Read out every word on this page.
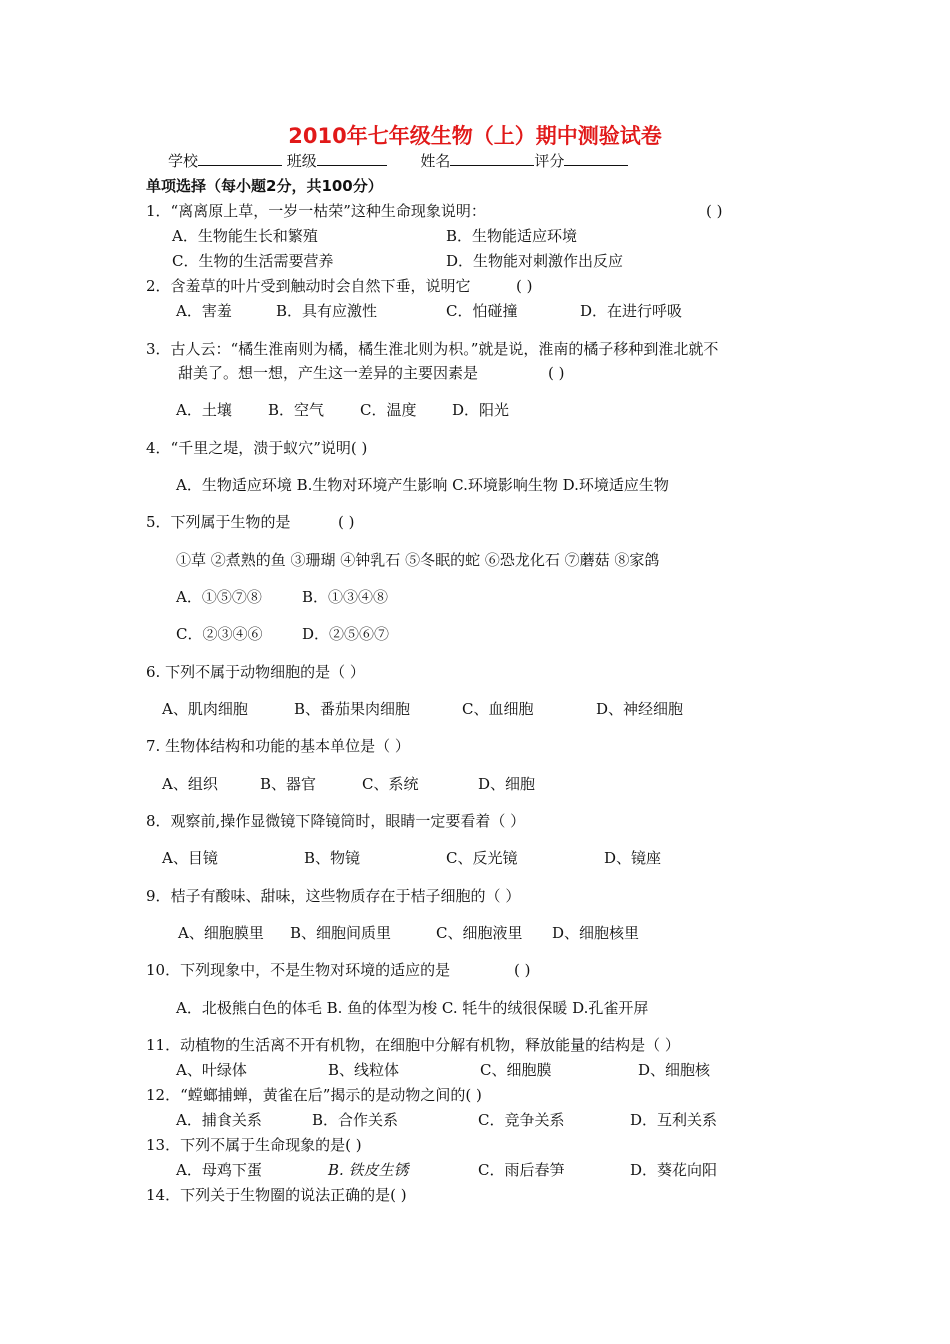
2010年七年级生物（上）期中测验试卷
学校	班级	姓名	评分
单项选择（每小题2分，共100分）
1．“离离原上草，一岁一枯荣”这种生命现象说明：	( )
A．生物能生长和繁殖	B．生物能适应环境
C．生物的生活需要营养	D．生物能对刺激作出反应
2．含羞草的叶片受到触动时会自然下垂，说明它	( )
A．害羞	B．具有应激性	C．怕碰撞	D．在进行呼吸
3．古人云：“橘生淮南则为橘，橘生淮北则为枳。”就是说，淮南的橘子移种到淮北就不
甜美了。想一想，产生这一差异的主要因素是	( )
A．土壤 B．空气 C．温度 D．阳光
4．“千里之堤，溃于蚁穴”说明( )
A．生物适应环境 B.生物对环境产生影响 C.环境影响生物 D.环境适应生物
5．下列属于生物的是	( )
①草 ②煮熟的鱼 ③珊瑚 ④钟乳石 ⑤冬眠的蛇 ⑥恐龙化石 ⑦蘑菇 ⑧家鸽
A．①⑤⑦⑧	B．①③④⑧
C．②③④⑥	D．②⑤⑥⑦
6. 下列不属于动物细胞的是（ ）
A、肌肉细胞	B、番茄果肉细胞	C、血细胞	D、神经细胞
7. 生物体结构和功能的基本单位是（ ）
A、组织	B、器官	C、系统	D、细胞
8．观察前,操作显微镜下降镜筒时，眼睛一定要看着（ ）
A、目镜	B、物镜	C、反光镜	D、镜座
9．桔子有酸味、甜味，这些物质存在于桔子细胞的（ ）
A、细胞膜里 B、细胞间质里	C、细胞液里 D、细胞核里
10．下列现象中，不是生物对环境的适应的是	( )
A．北极熊白色的体毛 B. 鱼的体型为梭 C. 牦牛的绒很保暖 D.孔雀开屏
11．动植物的生活离不开有机物，在细胞中分解有机物，释放能量的结构是（ ）
A、叶绿体	B、线粒体	C、细胞膜	D、细胞核
12．“螳螂捕蝉，黄雀在后”揭示的是动物之间的( )
A．捕食关系	B．合作关系	C．竞争关系	D．互利关系
13．下列不属于生命现象的是( )
A．母鸡下蛋	B. 铁皮生锈	C．雨后春笋	D．葵花向阳
14．下列关于生物圈的说法正确的是( )
